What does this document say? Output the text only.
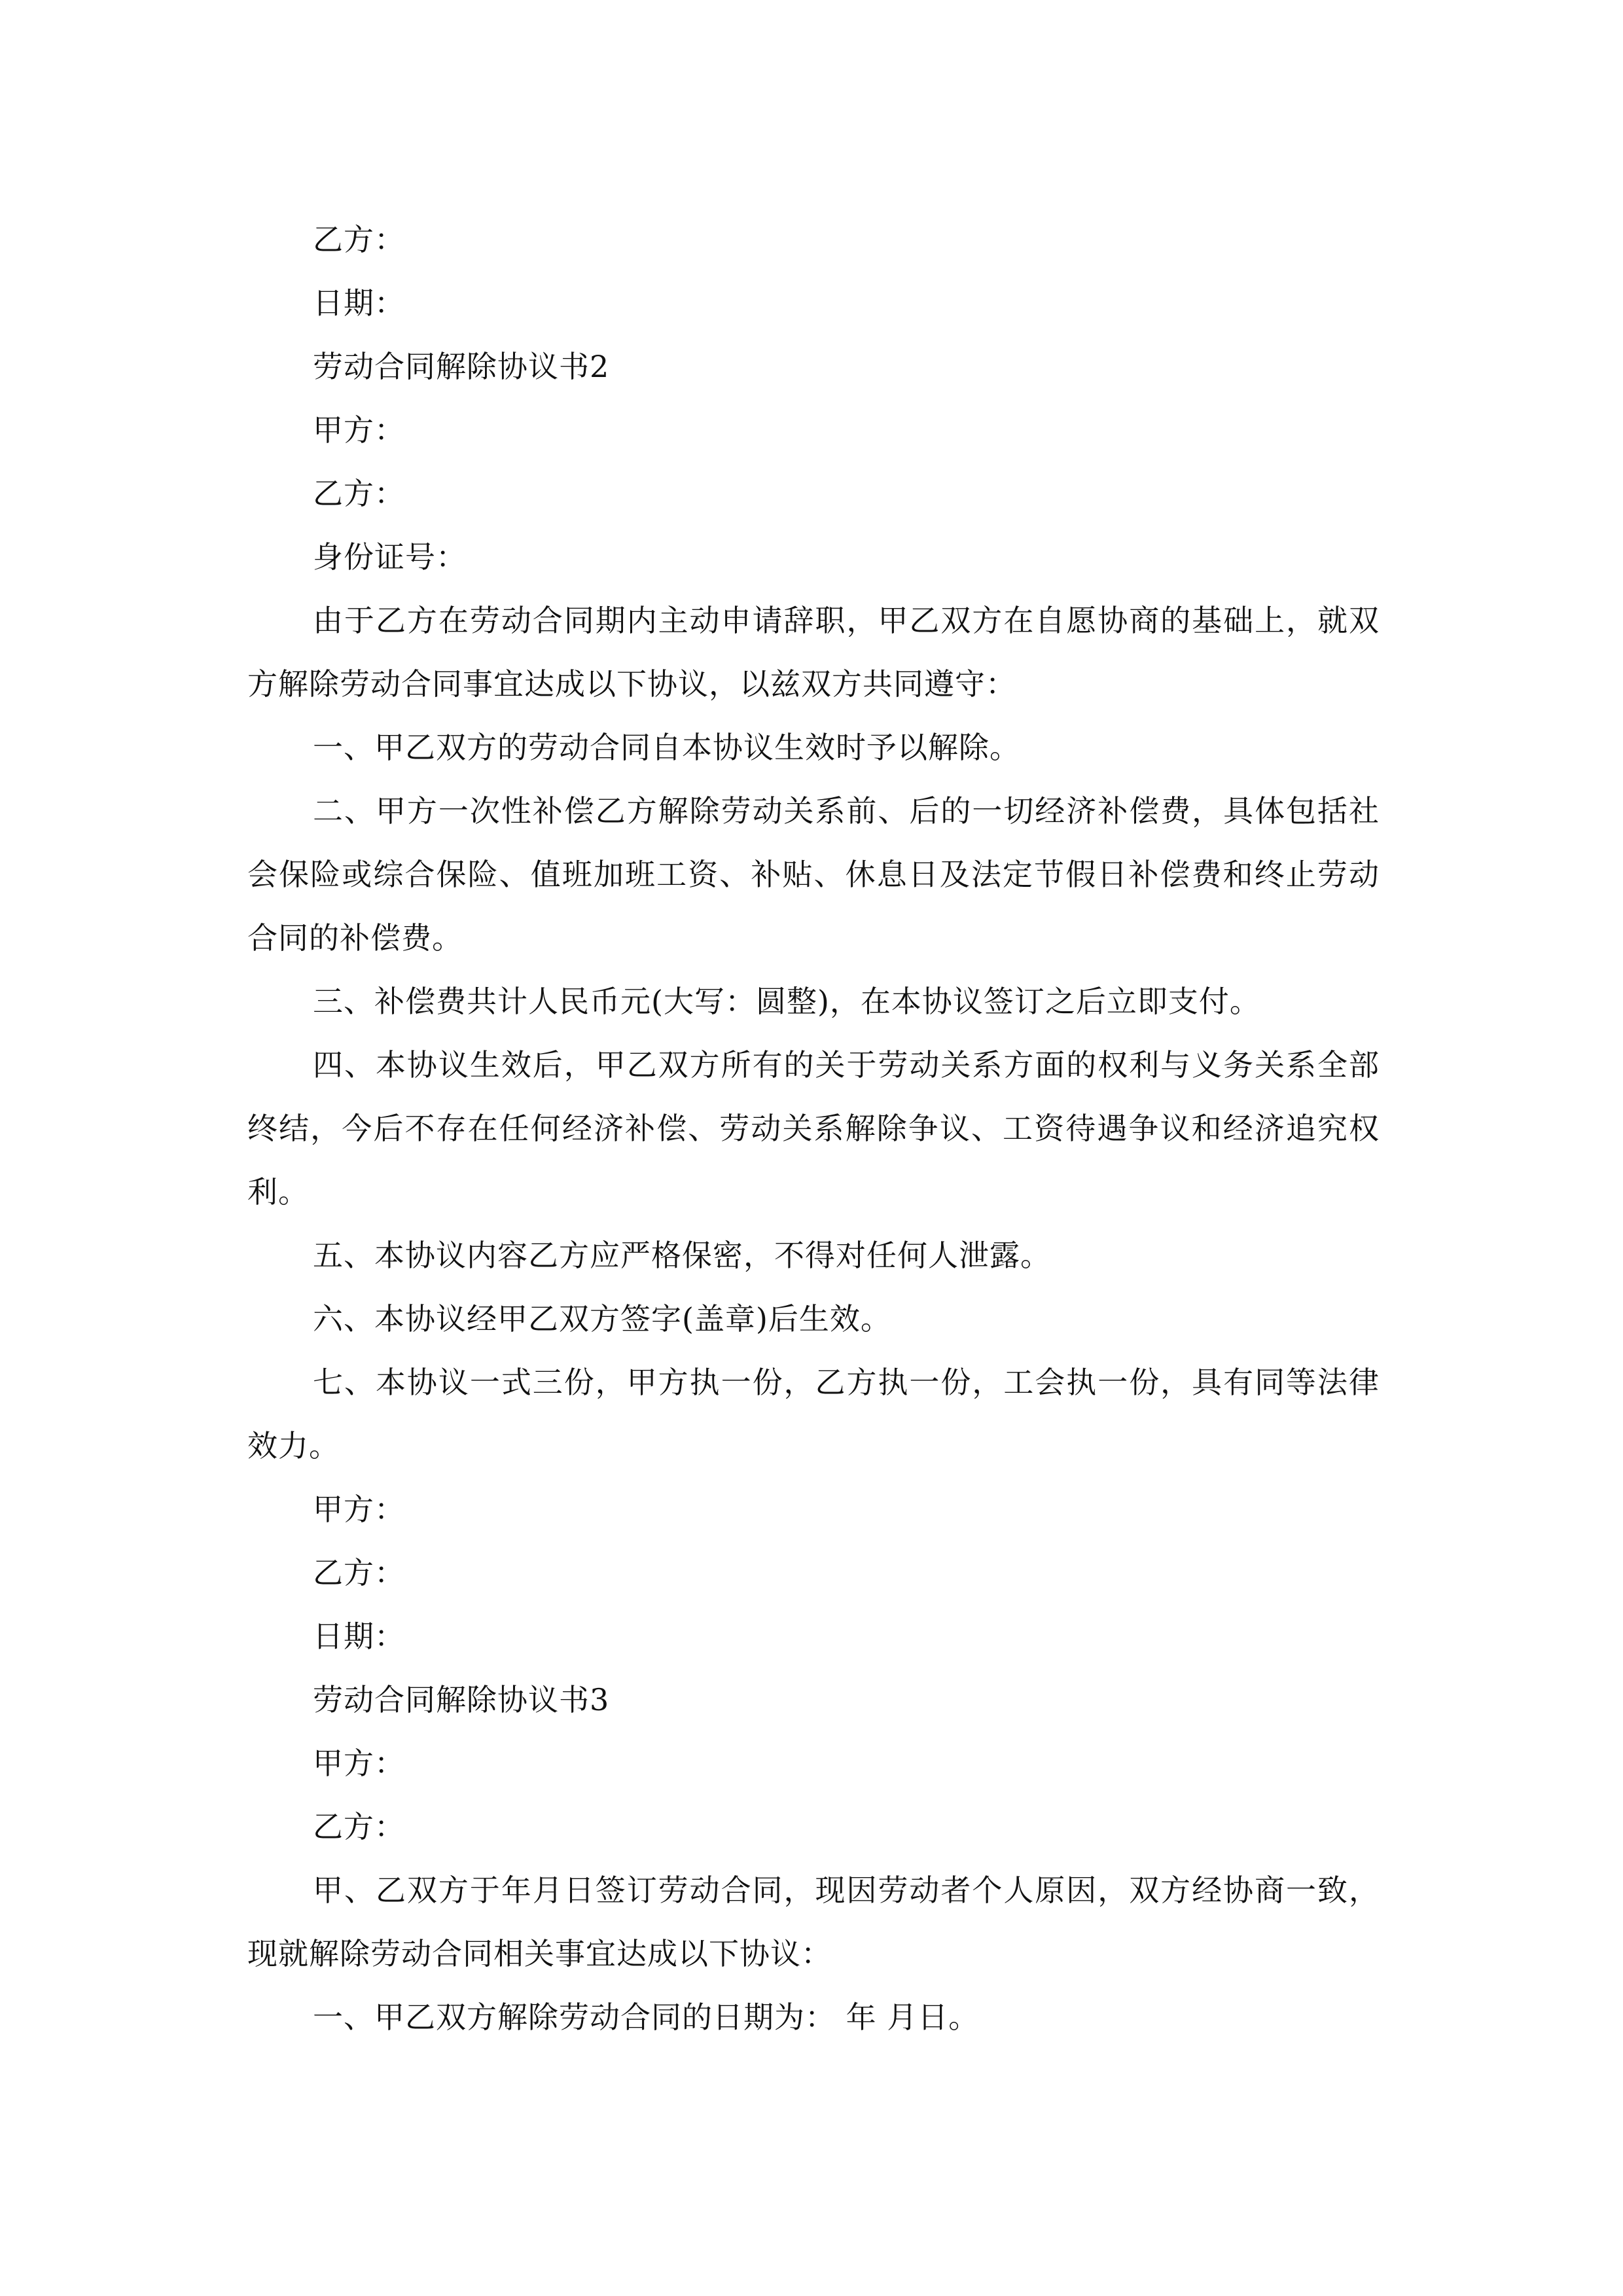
乙方：
日期：
劳动合同解除协议书2
甲方：
乙方：
身份证号：
由于乙方在劳动合同期内主动申请辞职，甲乙双方在自愿协商的基础上，就双方解除劳动合同事宜达成以下协议，以兹双方共同遵守：
一、甲乙双方的劳动合同自本协议生效时予以解除。
二、甲方一次性补偿乙方解除劳动关系前、后的一切经济补偿费，具体包括社会保险或综合保险、值班加班工资、补贴、休息日及法定节假日补偿费和终止劳动合同的补偿费。
三、补偿费共计人民币元(大写：圆整)，在本协议签订之后立即支付。
四、本协议生效后，甲乙双方所有的关于劳动关系方面的权利与义务关系全部终结，今后不存在任何经济补偿、劳动关系解除争议、工资待遇争议和经济追究权利。
五、本协议内容乙方应严格保密，不得对任何人泄露。
六、本协议经甲乙双方签字(盖章)后生效。
七、本协议一式三份，甲方执一份，乙方执一份，工会执一份，具有同等法律效力。
甲方：
乙方：
日期：
劳动合同解除协议书3
甲方：
乙方：
甲、乙双方于年月日签订劳动合同，现因劳动者个人原因，双方经协商一致，现就解除劳动合同相关事宜达成以下协议：
一、甲乙双方解除劳动合同的日期为： 年 月日。
